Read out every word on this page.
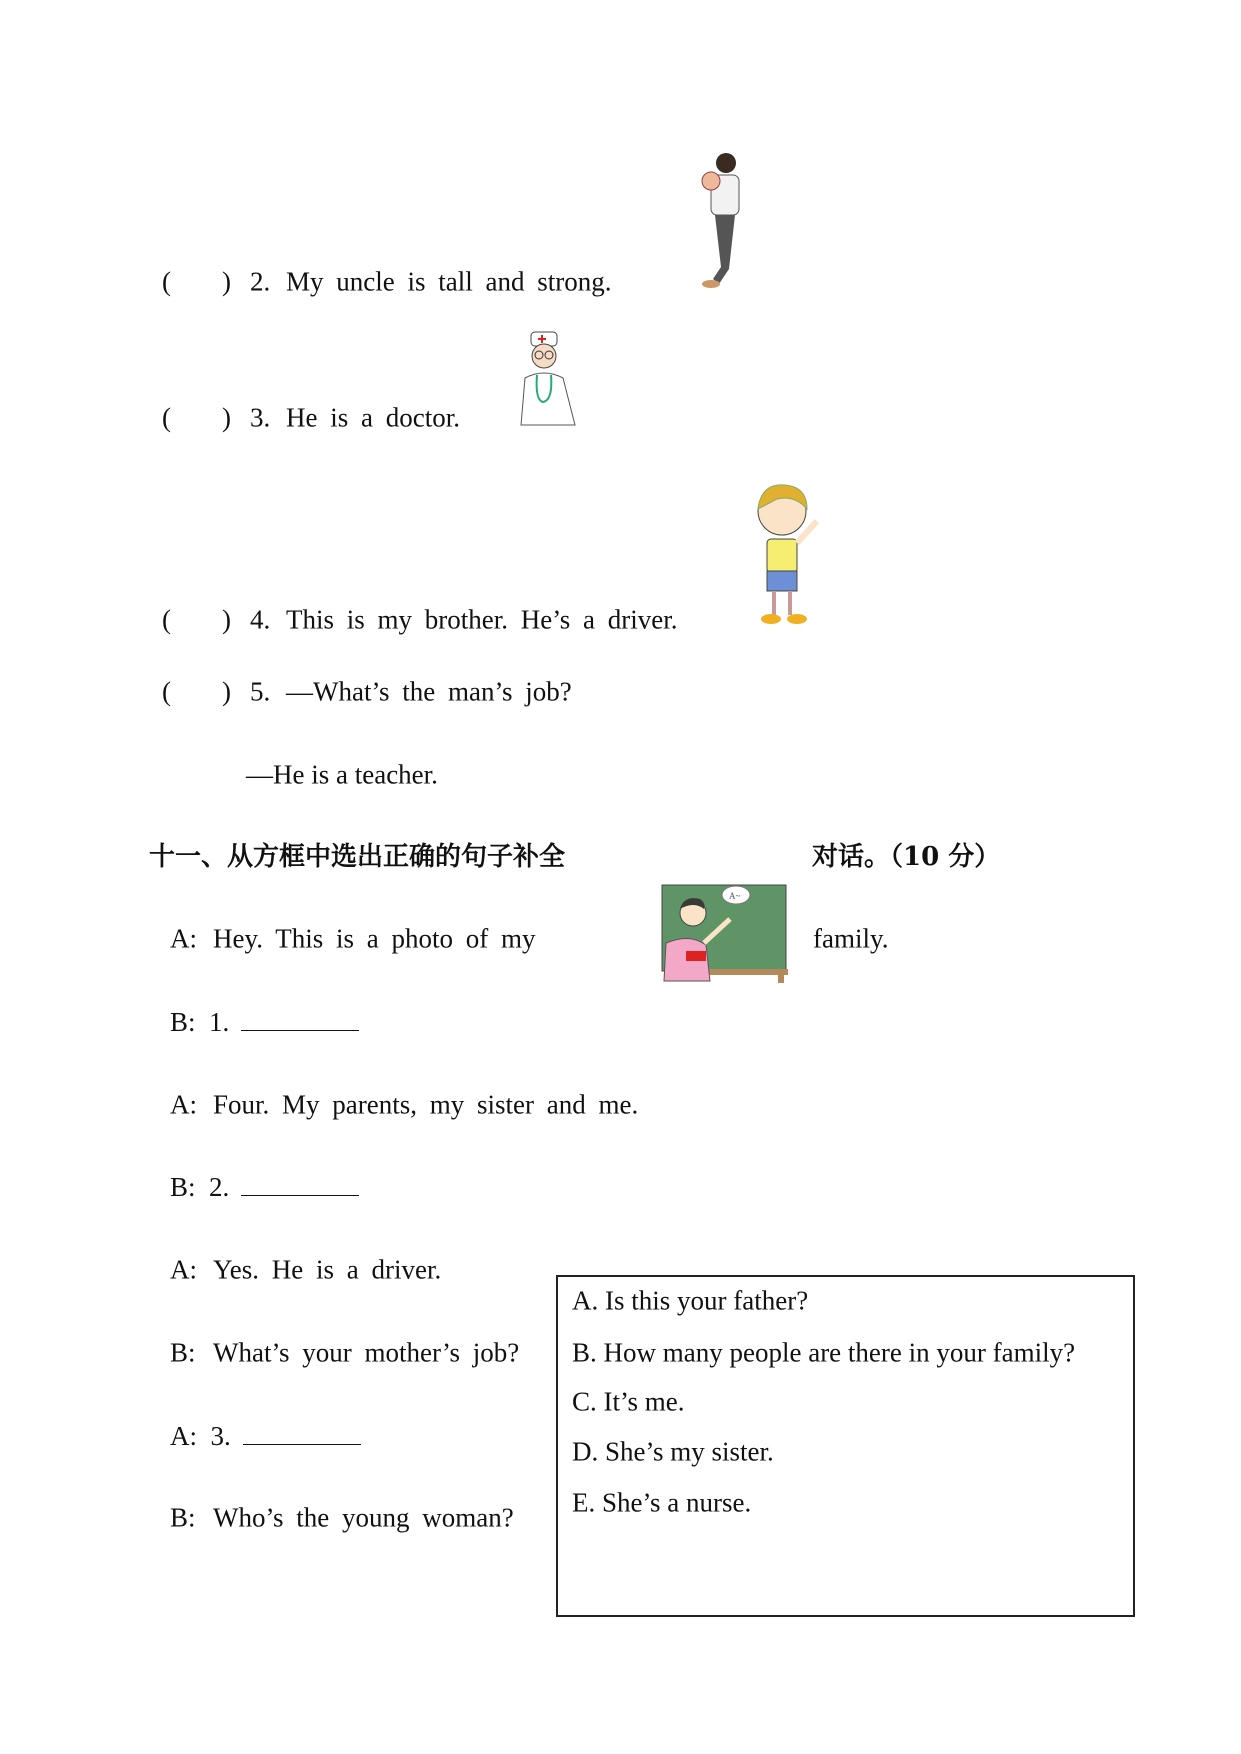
( ) 2. My uncle is tall and strong.
( ) 3. He is a doctor.
( ) 4. This is my brother. He’s a driver.
( ) 5. —What’s the man’s job?
—He is a teacher.
十一、从方框中选出正确的句子补全	对话。（10 分）
A~
A: Hey. This is a photo of my	family.
B: 1.
A: Four. My parents, my sister and me.
B: 2.
A: Yes. He is a driver.
B: What’s your mother’s job?
A: 3.
B: Who’s the young woman?
A. Is this your father?
B. How many people are there in your family?
C. It’s me.
D. She’s my sister.
E. She’s a nurse.
